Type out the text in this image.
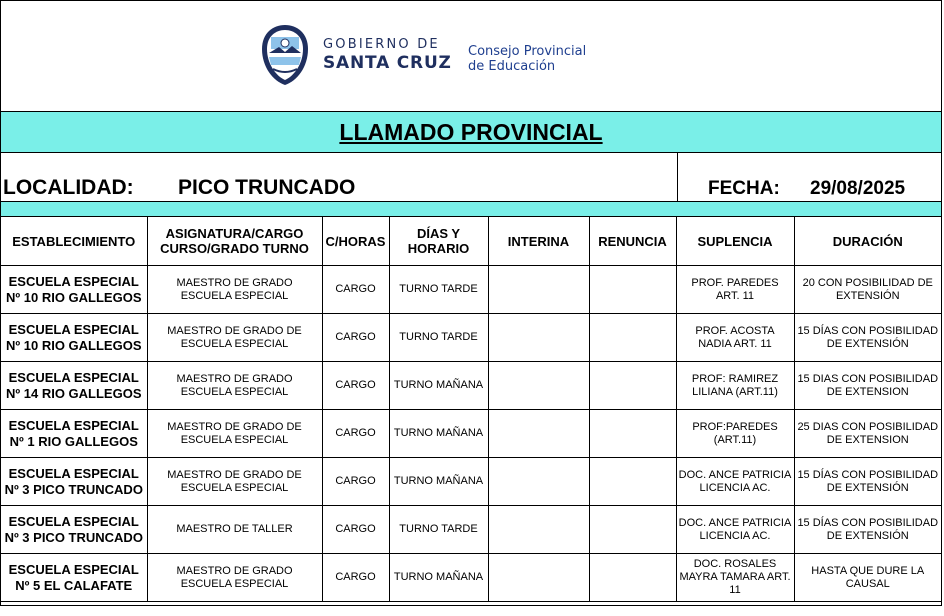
GOBIERNO DE
SANTA CRUZ
Consejo Provincial
de Educación
LLAMADO PROVINCIAL
LOCALIDAD: PICO TRUNCADO	FECHA: 29/08/2025
ESTABLECIMIENTO	ASIGNATURA/CARGO CURSO/GRADO TURNO	C/HORAS	DÍAS Y HORARIO	INTERINA	RENUNCIA	SUPLENCIA	DURACIÓN
ESCUELA ESPECIAL Nº 10 RIO GALLEGOS	MAESTRO DE GRADO ESCUELA ESPECIAL	CARGO	TURNO TARDE			PROF. PAREDES ART. 11	20 CON POSIBILIDAD DE EXTENSIÓN
ESCUELA ESPECIAL Nº 10 RIO GALLEGOS	MAESTRO DE GRADO DE ESCUELA ESPECIAL	CARGO	TURNO TARDE			PROF. ACOSTA NADIA ART. 11	15 DÍAS CON POSIBILIDAD DE EXTENSIÓN
ESCUELA ESPECIAL Nº 14 RIO GALLEGOS	MAESTRO DE GRADO ESCUELA ESPECIAL	CARGO	TURNO MAÑANA			PROF: RAMIREZ LILIANA (ART.11)	15 DIAS CON POSIBILIDAD DE EXTENSION
ESCUELA ESPECIAL Nº 1 RIO GALLEGOS	MAESTRO DE GRADO DE ESCUELA ESPECIAL	CARGO	TURNO MAÑANA			PROF:PAREDES (ART.11)	25 DIAS CON POSIBILIDAD DE EXTENSION
ESCUELA ESPECIAL Nº 3 PICO TRUNCADO	MAESTRO DE GRADO DE ESCUELA ESPECIAL	CARGO	TURNO MAÑANA			DOC. ANCE PATRICIA LICENCIA AC.	15 DÍAS CON POSIBILIDAD DE EXTENSIÓN
ESCUELA ESPECIAL Nº 3 PICO TRUNCADO	MAESTRO DE TALLER	CARGO	TURNO TARDE			DOC. ANCE PATRICIA LICENCIA AC.	15 DÍAS CON POSIBILIDAD DE EXTENSIÓN
ESCUELA ESPECIAL Nº 5 EL CALAFATE	MAESTRO DE GRADO ESCUELA ESPECIAL	CARGO	TURNO MAÑANA			DOC. ROSALES MAYRA TAMARA ART. 11	HASTA QUE DURE LA CAUSAL
